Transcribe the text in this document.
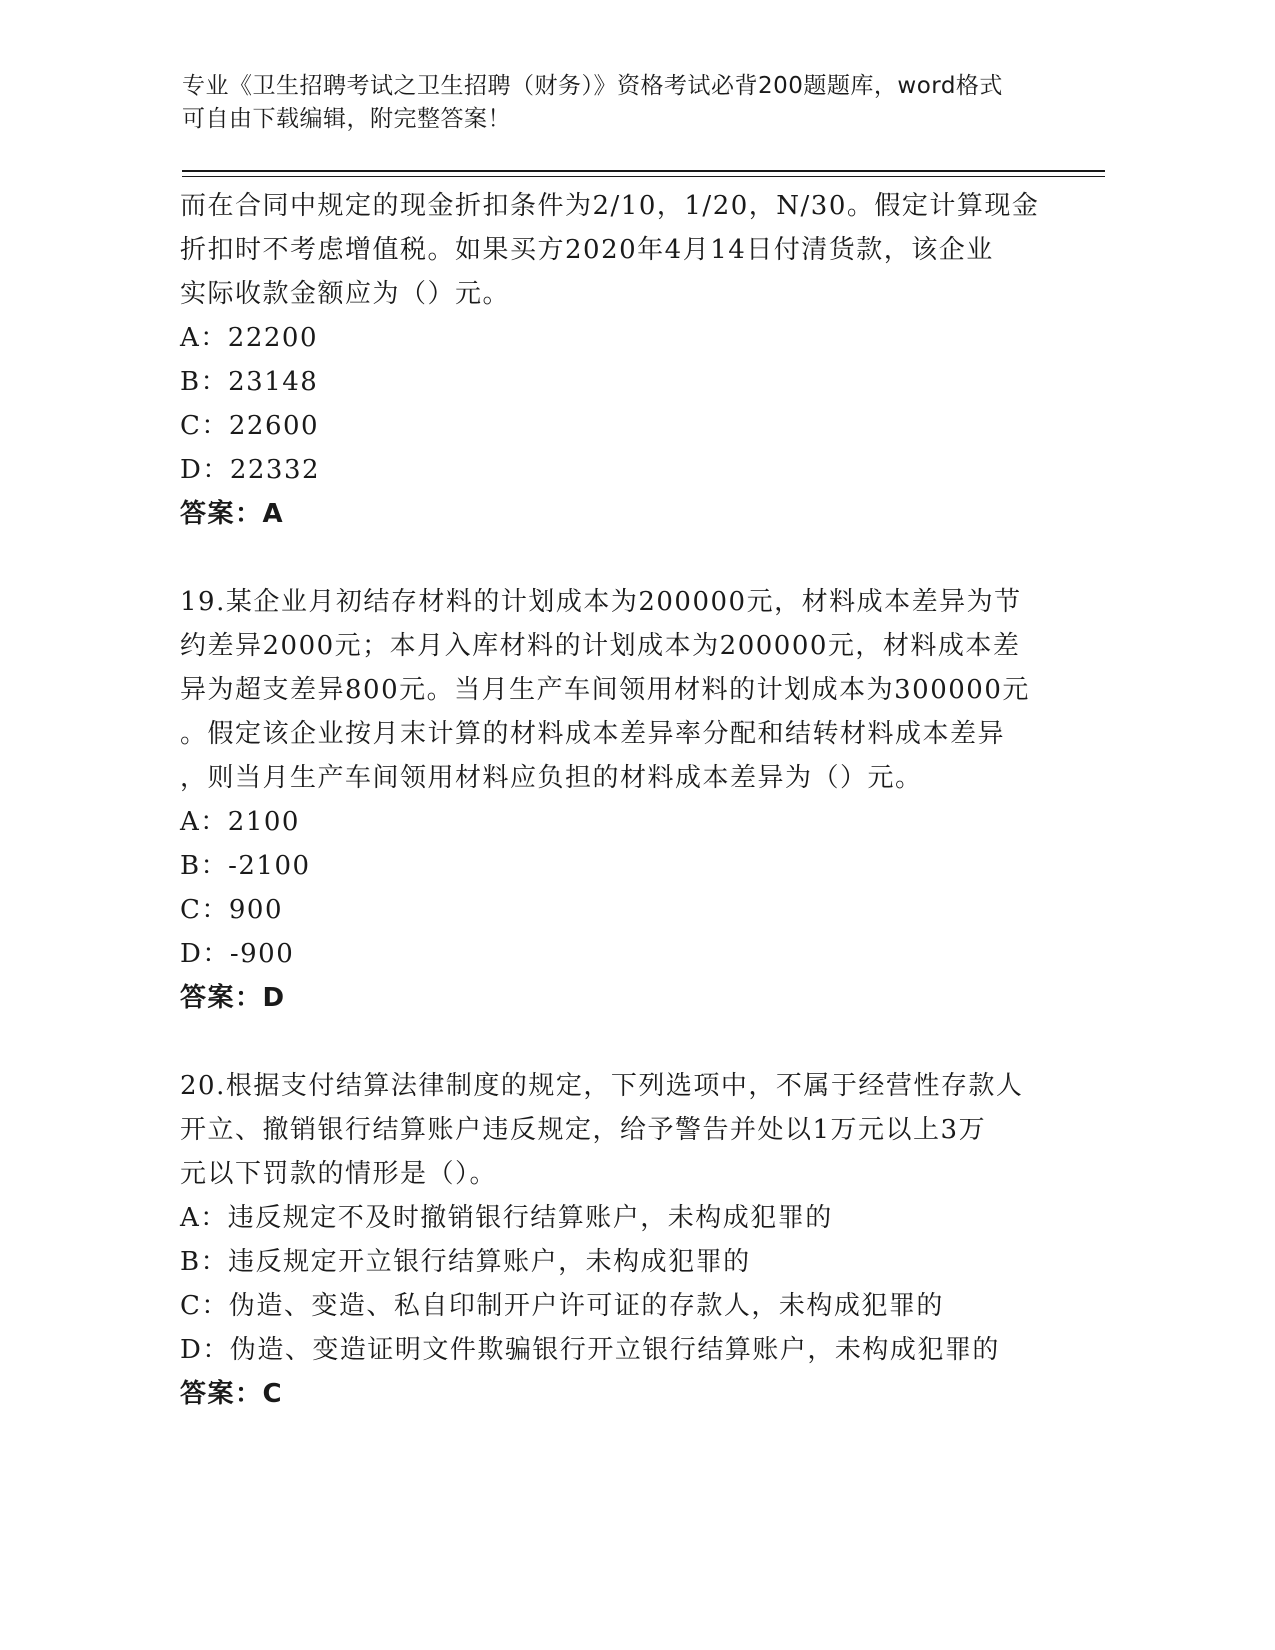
专业《卫生招聘考试之卫生招聘（财务）》资格考试必背200题题库，word格式
可自由下载编辑，附完整答案！
而在合同中规定的现金折扣条件为2/10，1/20，N/30。假定计算现金
折扣时不考虑增值税。如果买方2020年4月14日付清货款，该企业
实际收款金额应为（）元。
A：22200
B：23148
C：22600
D：22332
答案：A
19.某企业月初结存材料的计划成本为200000元，材料成本差异为节
约差异2000元；本月入库材料的计划成本为200000元，材料成本差
异为超支差异800元。当月生产车间领用材料的计划成本为300000元
。假定该企业按月末计算的材料成本差异率分配和结转材料成本差异
，则当月生产车间领用材料应负担的材料成本差异为（）元。
A：2100
B：-2100
C：900
D：-900
答案：D
20.根据支付结算法律制度的规定，下列选项中，不属于经营性存款人
开立、撤销银行结算账户违反规定，给予警告并处以1万元以上3万
元以下罚款的情形是（）。
A：违反规定不及时撤销银行结算账户，未构成犯罪的
B：违反规定开立银行结算账户，未构成犯罪的
C：伪造、变造、私自印制开户许可证的存款人，未构成犯罪的
D：伪造、变造证明文件欺骗银行开立银行结算账户，未构成犯罪的
答案：C
